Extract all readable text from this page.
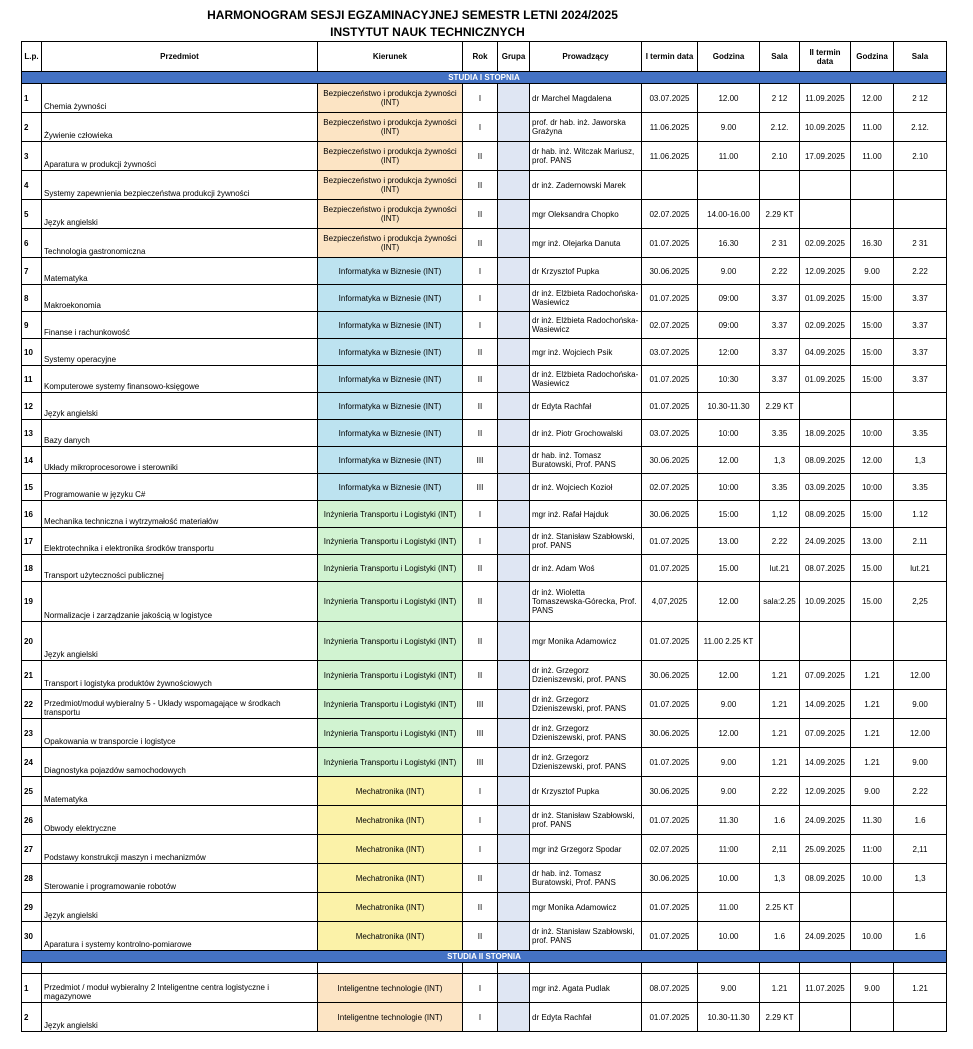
HARMONOGRAM SESJI EGZAMINACYJNEJ SEMESTR LETNI 2024/2025
INSTYTUT NAUK TECHNICZNYCH
L.p.	Przedmiot	Kierunek	Rok	Grupa	Prowadzący	I termin data	Godzina	Sala	II termin data	Godzina	Sala
STUDIA I STOPNIA											
1	Chemia żywności	Bezpieczeństwo i produkcja żywności (INT)	I		dr Marchel Magdalena	03.07.2025	12.00	2 12	11.09.2025	12.00	2 12
2	Żywienie człowieka	Bezpieczeństwo i produkcja żywności (INT)	I		prof. dr hab. inż. Jaworska Grażyna	11.06.2025	9.00	2.12.	10.09.2025	11.00	2.12.
3	Aparatura w produkcji żywności	Bezpieczeństwo i produkcja żywności (INT)	II		dr hab. inż. Witczak Mariusz, prof. PANS	11.06.2025	11.00	2.10	17.09.2025	11.00	2.10
4	Systemy zapewnienia bezpieczeństwa produkcji żywności	Bezpieczeństwo i produkcja żywności (INT)	II		dr inż. Zadernowski Marek						
5	Język angielski	Bezpieczeństwo i produkcja żywności (INT)	II		mgr Oleksandra Chopko	02.07.2025	14.00-16.00	2.29 KT			
6	Technologia gastronomiczna	Bezpieczeństwo i produkcja żywności (INT)	II		mgr inż. Olejarka Danuta	01.07.2025	16.30	2 31	02.09.2025	16.30	2 31
7	Matematyka	Informatyka w Biznesie (INT)	I		dr Krzysztof Pupka	30.06.2025	9.00	2.22	12.09.2025	9.00	2.22
8	Makroekonomia	Informatyka w Biznesie (INT)	I		dr inż. Elżbieta Radochońska-Wasiewicz	01.07.2025	09:00	3.37	01.09.2025	15:00	3.37
9	Finanse i rachunkowość	Informatyka w Biznesie (INT)	I		dr inż. Elżbieta Radochońska-Wasiewicz	02.07.2025	09:00	3.37	02.09.2025	15:00	3.37
10	Systemy operacyjne	Informatyka w Biznesie (INT)	II		mgr inż. Wojciech Psik	03.07.2025	12:00	3.37	04.09.2025	15:00	3.37
11	Komputerowe systemy finansowo-księgowe	Informatyka w Biznesie (INT)	II		dr inż. Elżbieta Radochońska-Wasiewicz	01.07.2025	10:30	3.37	01.09.2025	15:00	3.37
12	Język angielski	Informatyka w Biznesie (INT)	II		dr Edyta Rachfał	01.07.2025	10.30-11.30	2.29 KT			
13	Bazy danych	Informatyka w Biznesie (INT)	II		dr inż. Piotr Grochowalski	03.07.2025	10:00	3.35	18.09.2025	10:00	3.35
14	Układy mikroprocesorowe i sterowniki	Informatyka w Biznesie (INT)	III		dr hab. inż. Tomasz Buratowski, Prof. PANS	30.06.2025	12.00	1,3	08.09.2025	12.00	1,3
15	Programowanie w języku C#	Informatyka w Biznesie (INT)	III		dr inż. Wojciech Kozioł	02.07.2025	10:00	3.35	03.09.2025	10:00	3.35
16	Mechanika techniczna i wytrzymałość materiałów	Inżynieria Transportu i Logistyki (INT)	I		mgr inż. Rafał Hajduk	30.06.2025	15:00	1,12	08.09.2025	15:00	1.12
17	Elektrotechnika i elektronika środków transportu	Inżynieria Transportu i Logistyki (INT)	I		dr inż. Stanisław Szabłowski, prof. PANS	01.07.2025	13.00	2.22	24.09.2025	13.00	2.11
18	Transport użyteczności publicznej	Inżynieria Transportu i Logistyki (INT)	II		dr inż. Adam Woś	01.07.2025	15.00	lut.21	08.07.2025	15.00	lut.21
19	Normalizacje i zarządzanie jakością w logistyce	Inżynieria Transportu i Logistyki (INT)	II		dr inż. Wioletta Tomaszewska-Górecka, Prof. PANS	4,07,2025	12.00	sala:2.25	10.09.2025	15.00	2,25
20	Język angielski	Inżynieria Transportu i Logistyki (INT)	II		mgr Monika Adamowicz	01.07.2025	11.00 2.25 KT				
21	Transport i logistyka produktów żywnościowych	Inżynieria Transportu i Logistyki (INT)	II		dr inż. Grzegorz Dzieniszewski, prof. PANS	30.06.2025	12.00	1.21	07.09.2025	1.21	12.00
22	Przedmiot/moduł wybieralny 5 - Układy wspomagające w środkach transportu	Inżynieria Transportu i Logistyki (INT)	III		dr inż. Grzegorz Dzieniszewski, prof. PANS	01.07.2025	9.00	1.21	14.09.2025	1.21	9.00
23	Opakowania w transporcie i logistyce	Inżynieria Transportu i Logistyki (INT)	III		dr inż. Grzegorz Dzieniszewski, prof. PANS	30.06.2025	12.00	1.21	07.09.2025	1.21	12.00
24	Diagnostyka pojazdów samochodowych	Inżynieria Transportu i Logistyki (INT)	III		dr inż. Grzegorz Dzieniszewski, prof. PANS	01.07.2025	9.00	1.21	14.09.2025	1.21	9.00
25	Matematyka	Mechatronika (INT)	I		dr Krzysztof Pupka	30.06.2025	9.00	2.22	12.09.2025	9.00	2.22
26	Obwody elektryczne	Mechatronika (INT)	I		dr inż. Stanisław Szabłowski, prof. PANS	01.07.2025	11.30	1.6	24.09.2025	11.30	1.6
27	Podstawy konstrukcji maszyn i mechanizmów	Mechatronika (INT)	I		mgr inż Grzegorz Spodar	02.07.2025	11:00	2,11	25.09.2025	11:00	2,11
28	Sterowanie i programowanie robotów	Mechatronika (INT)	II		dr hab. inż. Tomasz Buratowski, Prof. PANS	30.06.2025	10.00	1,3	08.09.2025	10.00	1,3
29	Język angielski	Mechatronika (INT)	II		mgr Monika Adamowicz	01.07.2025	11.00	2.25 KT			
30	Aparatura i systemy kontrolno-pomiarowe	Mechatronika (INT)	II		dr inż. Stanisław Szabłowski, prof. PANS	01.07.2025	10.00	1.6	24.09.2025	10.00	1.6
STUDIA II STOPNIA											

1	Przedmiot / moduł wybieralny 2 Inteligentne centra logistyczne i magazynowe	Inteligentne technologie (INT)	I		mgr inż. Agata Pudlak	08.07.2025	9.00	1.21	11.07.2025	9.00	1.21
2	Język angielski	Inteligentne technologie (INT)	I		dr Edyta Rachfał	01.07.2025	10.30-11.30	2.29 KT			
